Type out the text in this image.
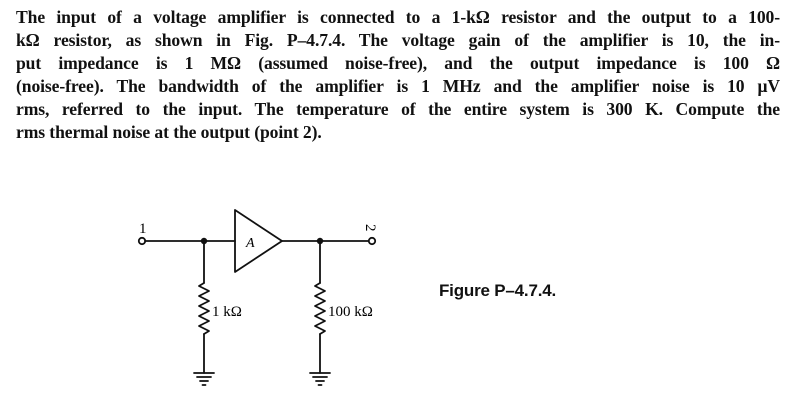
The input of a voltage amplifier is connected to a 1-kΩ resistor and the output to a 100-
kΩ resistor, as shown in Fig. P–4.7.4. The voltage gain of the amplifier is 10, the in-
put impedance is 1 MΩ (assumed noise-free), and the output impedance is 100 Ω
(noise-free). The bandwidth of the amplifier is 1 MHz and the amplifier noise is 10 μV
rms, referred to the input. The temperature of the entire system is 300 K. Compute the
rms thermal noise at the output (point 2).
1	2
A
1 kΩ	100 kΩ
Figure P–4.7.4.
